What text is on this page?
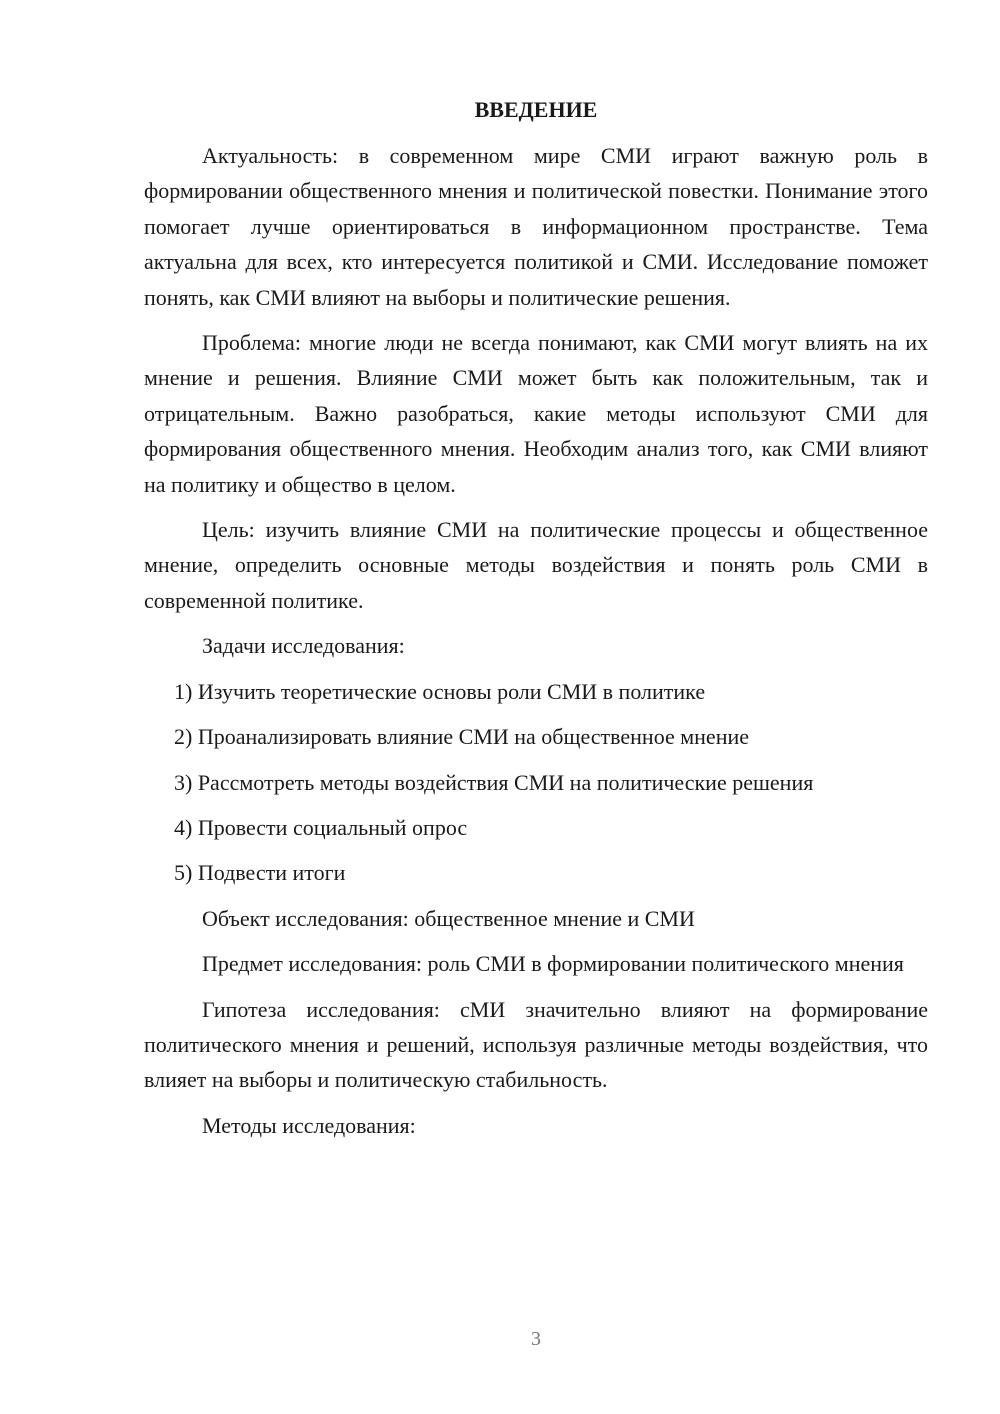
ВВЕДЕНИЕ

Актуальность: в современном мире СМИ играют важную роль в формировании общественного мнения и политической повестки. Понимание этого помогает лучше ориентироваться в информационном пространстве. Тема актуальна для всех, кто интересуется политикой и СМИ. Исследование поможет понять, как СМИ влияют на выборы и политические решения.

Проблема: многие люди не всегда понимают, как СМИ могут влиять на их мнение и решения. Влияние СМИ может быть как положительным, так и отрицательным. Важно разобраться, какие методы используют СМИ для формирования общественного мнения. Необходим анализ того, как СМИ влияют на политику и общество в целом.

Цель: изучить влияние СМИ на политические процессы и общественное мнение, определить основные методы воздействия и понять роль СМИ в современной политике.

Задачи исследования:

1) Изучить теоретические основы роли СМИ в политике
2) Проанализировать влияние СМИ на общественное мнение
3) Рассмотреть методы воздействия СМИ на политические решения
4) Провести социальный опрос
5) Подвести итоги

Объект исследования: общественное мнение и СМИ

Предмет исследования: роль СМИ в формировании политического мнения

Гипотеза исследования: сМИ значительно влияют на формирование политического мнения и решений, используя различные методы воздействия, что влияет на выборы и политическую стабильность.

Методы исследования:

3
